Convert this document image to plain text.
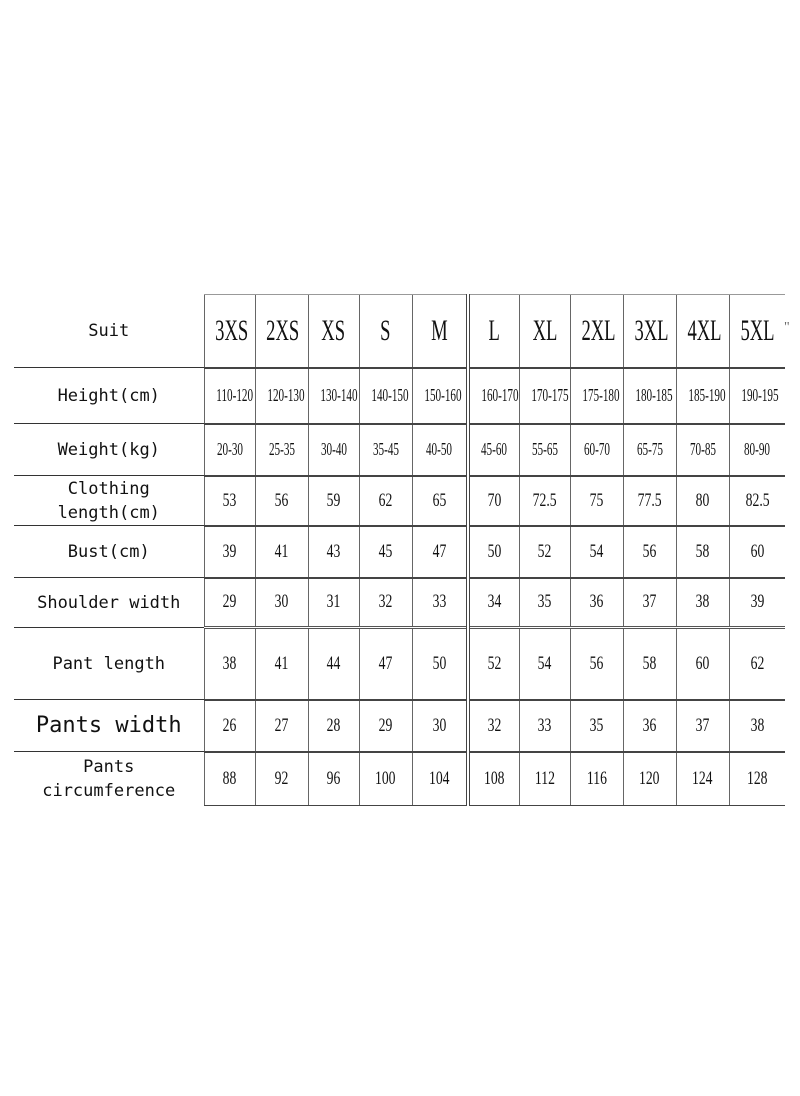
Suit	3XS	2XS	XS	S	M	L	XL	2XL	3XL	4XL	5XL
Height(cm)	110-120	120-130	130-140	140-150	150-160	160-170	170-175	175-180	180-185	185-190	190-195
Weight(kg)	20-30	25-35	30-40	35-45	40-50	45-60	55-65	60-70	65-75	70-85	80-90
Clothing length(cm)	53	56	59	62	65	70	72.5	75	77.5	80	82.5
Bust(cm)	39	41	43	45	47	50	52	54	56	58	60
Shoulder width	29	30	31	32	33	34	35	36	37	38	39
Pant length	38	41	44	47	50	52	54	56	58	60	62
Pants width	26	27	28	29	30	32	33	35	36	37	38
Pants circumference	88	92	96	100	104	108	112	116	120	124	128
"
